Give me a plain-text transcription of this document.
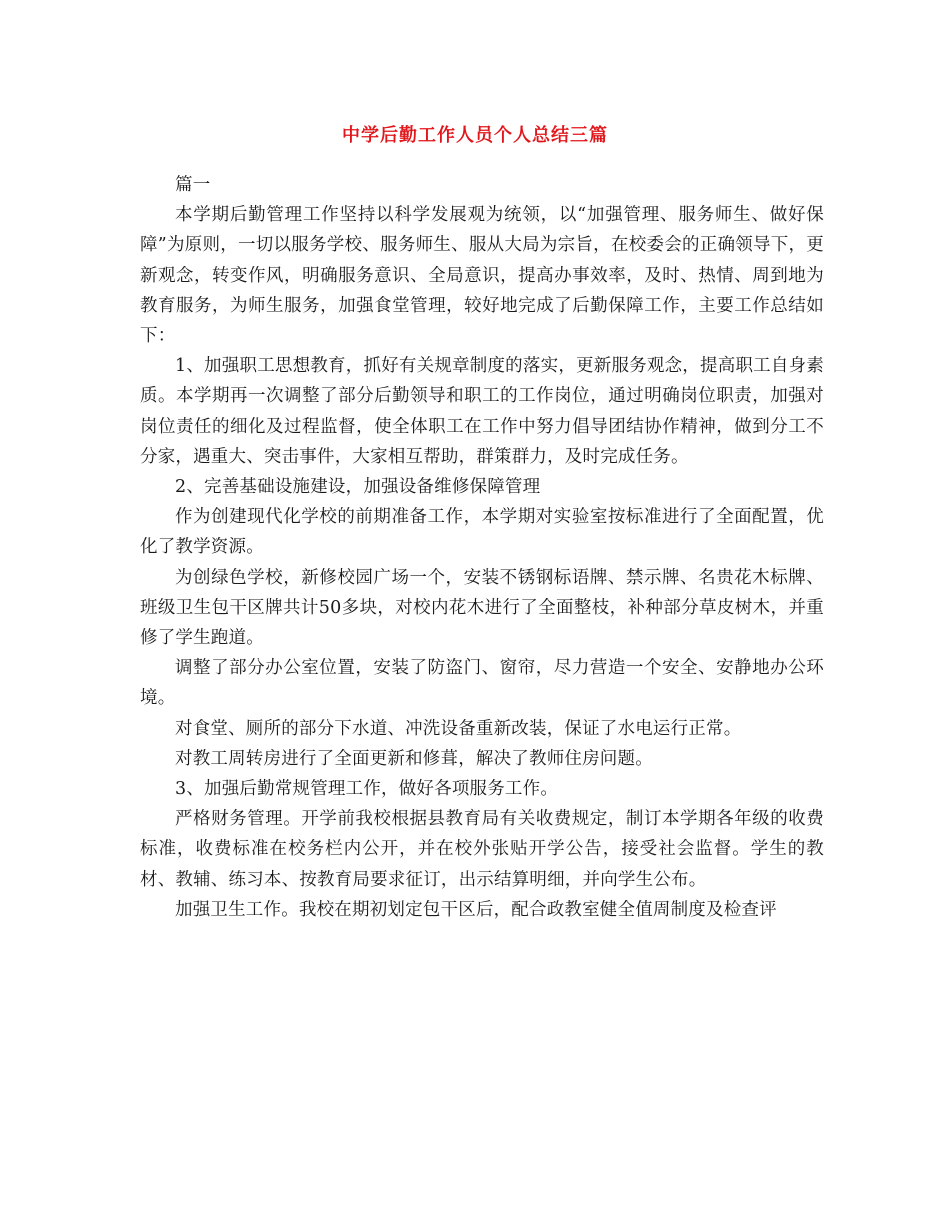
中学后勤工作人员个人总结三篇

篇一

本学期后勤管理工作坚持以科学发展观为统领，以“加强管理、服务师生、做好保障”为原则，一切以服务学校、服务师生、服从大局为宗旨，在校委会的正确领导下，更新观念，转变作风，明确服务意识、全局意识，提高办事效率，及时、热情、周到地为教育服务，为师生服务，加强食堂管理，较好地完成了后勤保障工作，主要工作总结如下：

1、加强职工思想教育，抓好有关规章制度的落实，更新服务观念，提高职工自身素质。本学期再一次调整了部分后勤领导和职工的工作岗位，通过明确岗位职责，加强对岗位责任的细化及过程监督，使全体职工在工作中努力倡导团结协作精神，做到分工不分家，遇重大、突击事件，大家相互帮助，群策群力，及时完成任务。

2、完善基础设施建设，加强设备维修保障管理

作为创建现代化学校的前期准备工作，本学期对实验室按标准进行了全面配置，优化了教学资源。

为创绿色学校，新修校园广场一个，安装不锈钢标语牌、禁示牌、名贵花木标牌、班级卫生包干区牌共计50多块，对校内花木进行了全面整枝，补种部分草皮树木，并重修了学生跑道。

调整了部分办公室位置，安装了防盗门、窗帘，尽力营造一个安全、安静地办公环境。

对食堂、厕所的部分下水道、冲洗设备重新改装，保证了水电运行正常。

对教工周转房进行了全面更新和修葺，解决了教师住房问题。

3、加强后勤常规管理工作，做好各项服务工作。

严格财务管理。开学前我校根据县教育局有关收费规定，制订本学期各年级的收费标准，收费标准在校务栏内公开，并在校外张贴开学公告，接受社会监督。学生的教材、教辅、练习本、按教育局要求征订，出示结算明细，并向学生公布。

加强卫生工作。我校在期初划定包干区后，配合政教室健全值周制度及检查评
